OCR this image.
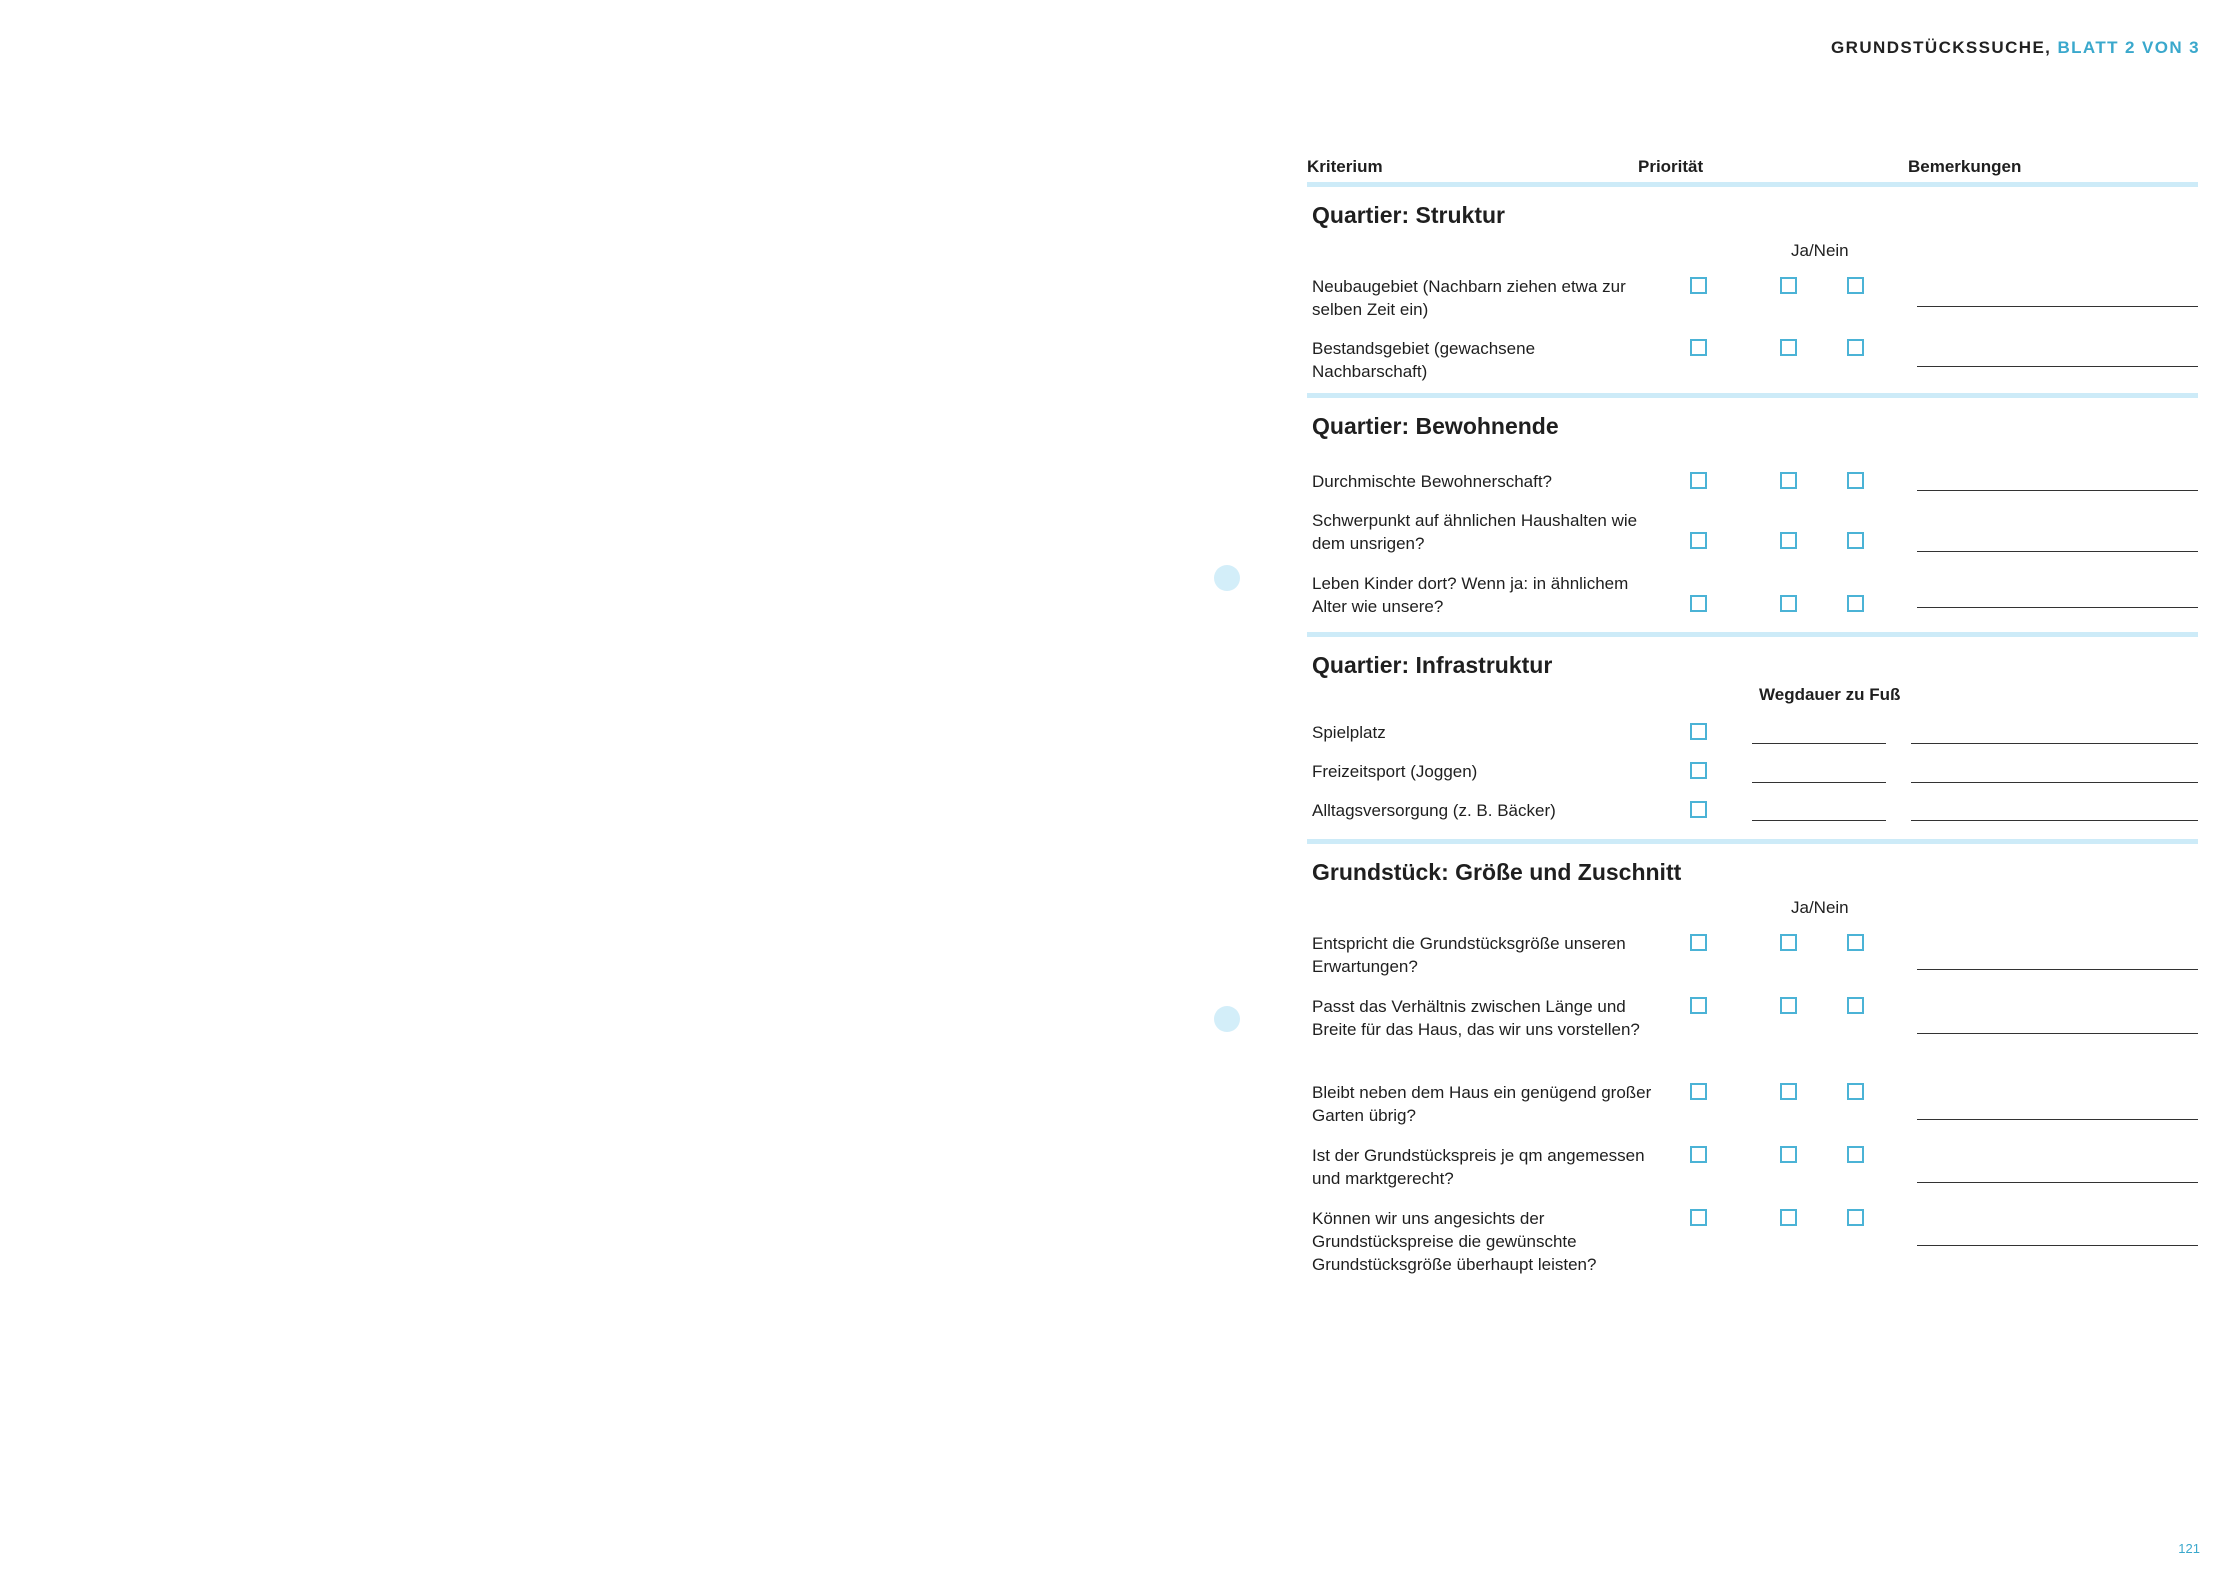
GRUNDSTÜCKSSUCHE, BLATT 2 VON 3
Kriterium	Priorität	Bemerkungen
Quartier: Struktur
Ja/Nein
Neubaugebiet (Nachbarn ziehen etwa zur selben Zeit ein)
Bestandsgebiet (gewachsene Nachbarschaft)
Quartier: Bewohnende
Durchmischte Bewohnerschaft?
Schwerpunkt auf ähnlichen Haushalten wie dem unsrigen?
Leben Kinder dort? Wenn ja: in ähnlichem Alter wie unsere?
Quartier: Infrastruktur
Wegdauer zu Fuß
Spielplatz
Freizeitsport (Joggen)
Alltagsversorgung (z. B. Bäcker)
Grundstück: Größe und Zuschnitt
Ja/Nein
Entspricht die Grundstücksgröße unseren Erwartungen?
Passt das Verhältnis zwischen Länge und Breite für das Haus, das wir uns vorstellen?
Bleibt neben dem Haus ein genügend großer Garten übrig?
Ist der Grundstückspreis je qm angemessen und marktgerecht?
Können wir uns angesichts der Grundstückspreise die gewünschte Grundstücksgröße überhaupt leisten?
121
